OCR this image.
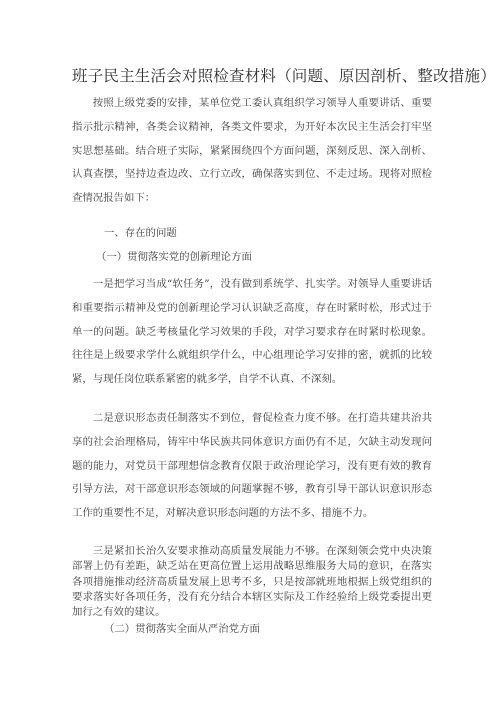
班子民主生活会对照检查材料（问题、原因剖析、整改措施）
按照上级党委的安排，某单位党工委认真组织学习领导人重要讲话、重要指示批示精神，各类会议精神，各类文件要求，为开好本次民主生活会打牢坚实思想基础。结合班子实际，紧紧围绕四个方面问题，深刻反思、深入剖析、认真查摆，坚持边查边改、立行立改，确保落实到位、不走过场。现将对照检查情况报告如下：
一、存在的问题
（一）贯彻落实党的创新理论方面
一是把学习当成“软任务”，没有做到系统学、扎实学。对领导人重要讲话和重要指示精神及党的创新理论学习认识缺乏高度，存在时紧时松，形式过于单一的问题。缺乏考核量化学习效果的手段，对学习要求存在时紧时松现象。往往是上级要求学什么就组织学什么，中心组理论学习安排的密，就抓的比较紧，与现任岗位联系紧密的就多学，自学不认真、不深刻。
二是意识形态责任制落实不到位，督促检查力度不够。在打造共建共治共享的社会治理格局，铸牢中华民族共同体意识方面仍有不足，欠缺主动发现问题的能力，对党员干部理想信念教育仅限于政治理论学习，没有更有效的教育引导方法，对干部意识形态领域的问题掌握不够，教育引导干部认识意识形态工作的重要性不足，对解决意识形态问题的方法不多、措施不力。
三是紧扣长治久安要求推动高质量发展能力不够。在深刻领会党中央决策部署上仍有差距，缺乏站在更高位置上运用战略思维服务大局的意识，在落实各项措施推动经济高质量发展上思考不多，只是按部就班地根据上级党组织的要求落实好各项任务，没有充分结合本辖区实际及工作经验给上级党委提出更加行之有效的建议。
（二）贯彻落实全面从严治党方面
